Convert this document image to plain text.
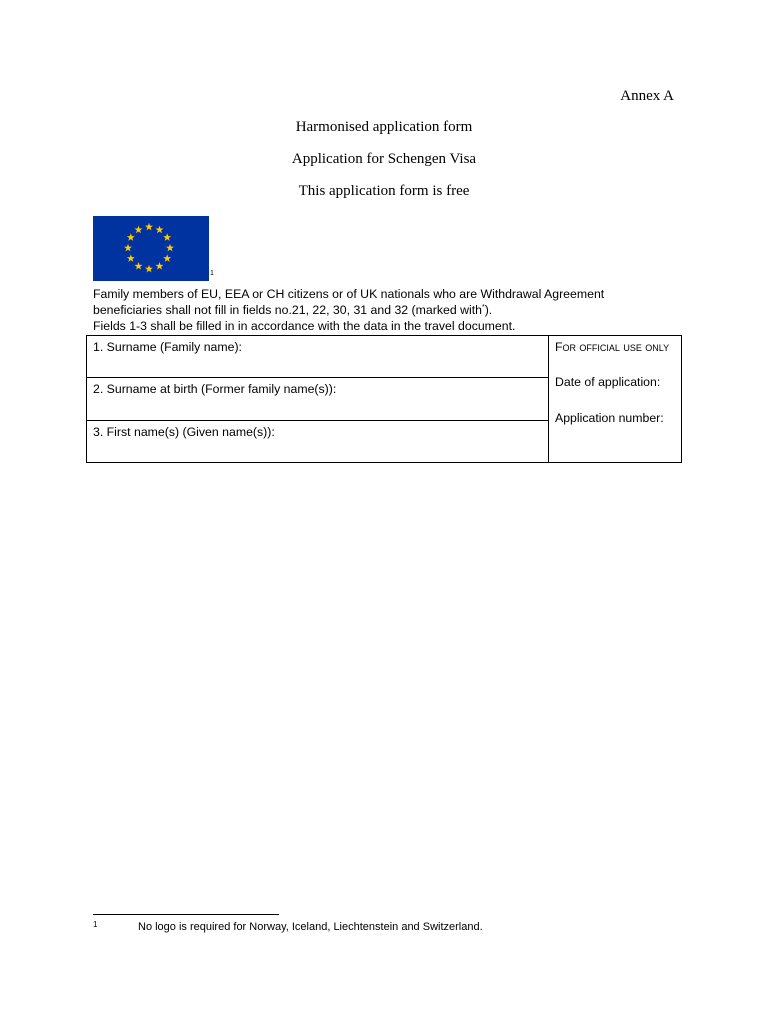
Annex A
Harmonised application form
Application for Schengen Visa
This application form is free
1
Family members of EU, EEA or CH citizens or of UK nationals who are Withdrawal Agreement
beneficiaries shall not fill in fields no.21, 22, 30, 31 and 32 (marked with*).
Fields 1-3 shall be filled in in accordance with the data in the travel document.
1. Surname (Family name):
2. Surname at birth (Former family name(s)):
3. First name(s) (Given name(s)):
For official use only
Date of application:
Application number:
1	No logo is required for Norway, Iceland, Liechtenstein and Switzerland.
